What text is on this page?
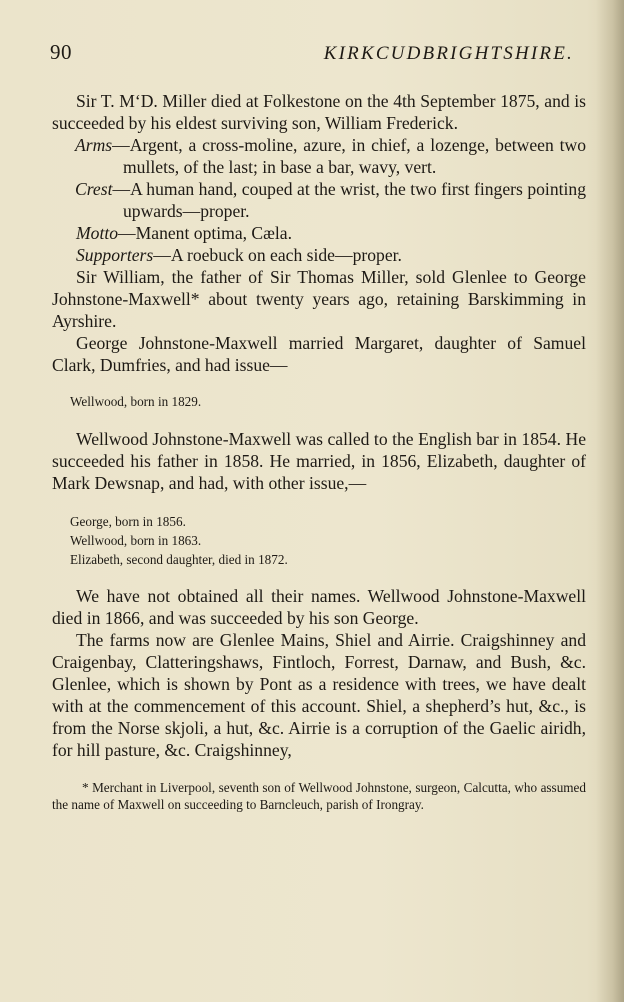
90	KIRKCUDBRIGHTSHIRE.

Sir T. M‘D. Miller died at Folkestone on the 4th September 1875, and is succeeded by his eldest surviving son, William Frederick.

Arms—Argent, a cross-moline, azure, in chief, a lozenge, between two mullets, of the last; in base a bar, wavy, vert.

Crest—A human hand, couped at the wrist, the two first fingers pointing upwards—proper.

Motto—Manent optima, Cæla.

Supporters—A roebuck on each side—proper.

Sir William, the father of Sir Thomas Miller, sold Glenlee to George Johnstone-Maxwell* about twenty years ago, retaining Barskimming in Ayrshire.

George Johnstone-Maxwell married Margaret, daughter of Samuel Clark, Dumfries, and had issue—

Wellwood, born in 1829.

Wellwood Johnstone-Maxwell was called to the English bar in 1854. He succeeded his father in 1858. He married, in 1856, Elizabeth, daughter of Mark Dewsnap, and had, with other issue,—

George, born in 1856.
Wellwood, born in 1863.
Elizabeth, second daughter, died in 1872.

We have not obtained all their names. Wellwood Johnstone-Maxwell died in 1866, and was succeeded by his son George.

The farms now are Glenlee Mains, Shiel and Airrie. Craigshinney and Craigenbay, Clatteringshaws, Fintloch, Forrest, Darnaw, and Bush, &c. Glenlee, which is shown by Pont as a residence with trees, we have dealt with at the commencement of this account. Shiel, a shepherd’s hut, &c., is from the Norse skjoli, a hut, &c. Airrie is a corruption of the Gaelic airidh, for hill pasture, &c. Craigshinney,

* Merchant in Liverpool, seventh son of Wellwood Johnstone, surgeon, Calcutta, who assumed the name of Maxwell on succeeding to Barncleuch, parish of Irongray.
